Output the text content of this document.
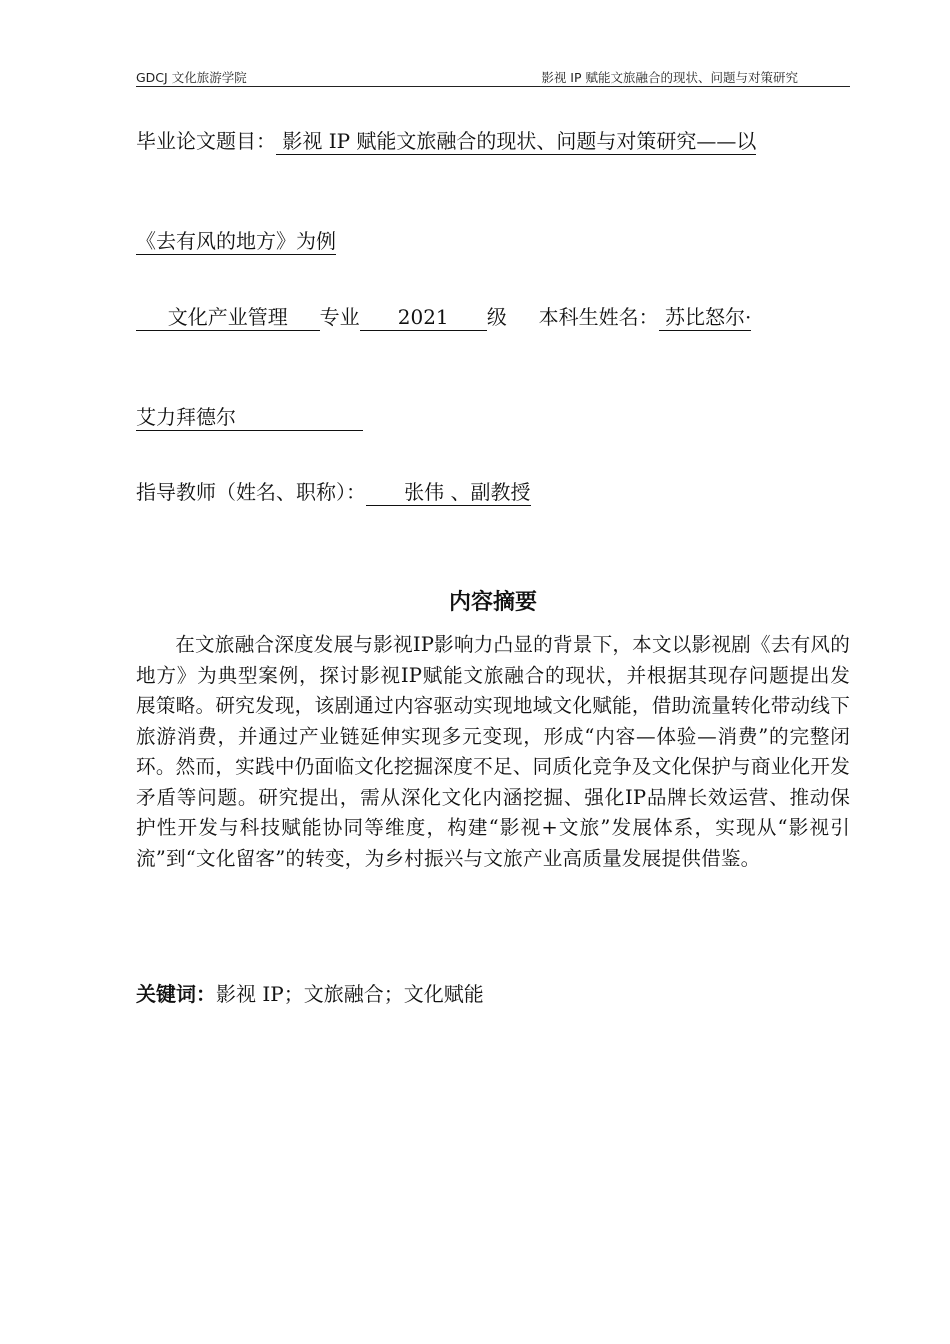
GDCJ 文化旅游学院	影视 IP 赋能文旅融合的现状、问题与对策研究
毕业论文题目： 影视 IP 赋能文旅融合的现状、问题与对策研究——以
《去有风的地方》为例
文化产业管理 专业 2021 级 本科生姓名： 苏比怒尔·
艾力拜德尔
指导教师（姓名、职称）： 张伟 、副教授
内容摘要
在文旅融合深度发展与影视IP影响力凸显的背景下，本文以影视剧《去有风的地方》为典型案例，探讨影视IP赋能文旅融合的现状，并根据其现存问题提出发展策略。研究发现，该剧通过内容驱动实现地域文化赋能，借助流量转化带动线下旅游消费，并通过产业链延伸实现多元变现，形成“内容—体验—消费”的完整闭环。然而，实践中仍面临文化挖掘深度不足、同质化竞争及文化保护与商业化开发矛盾等问题。研究提出，需从深化文化内涵挖掘、强化IP品牌长效运营、推动保护性开发与科技赋能协同等维度，构建“影视+文旅”发展体系，实现从“影视引流”到“文化留客”的转变，为乡村振兴与文旅产业高质量发展提供借鉴。
关键词：影视 IP；文旅融合；文化赋能
